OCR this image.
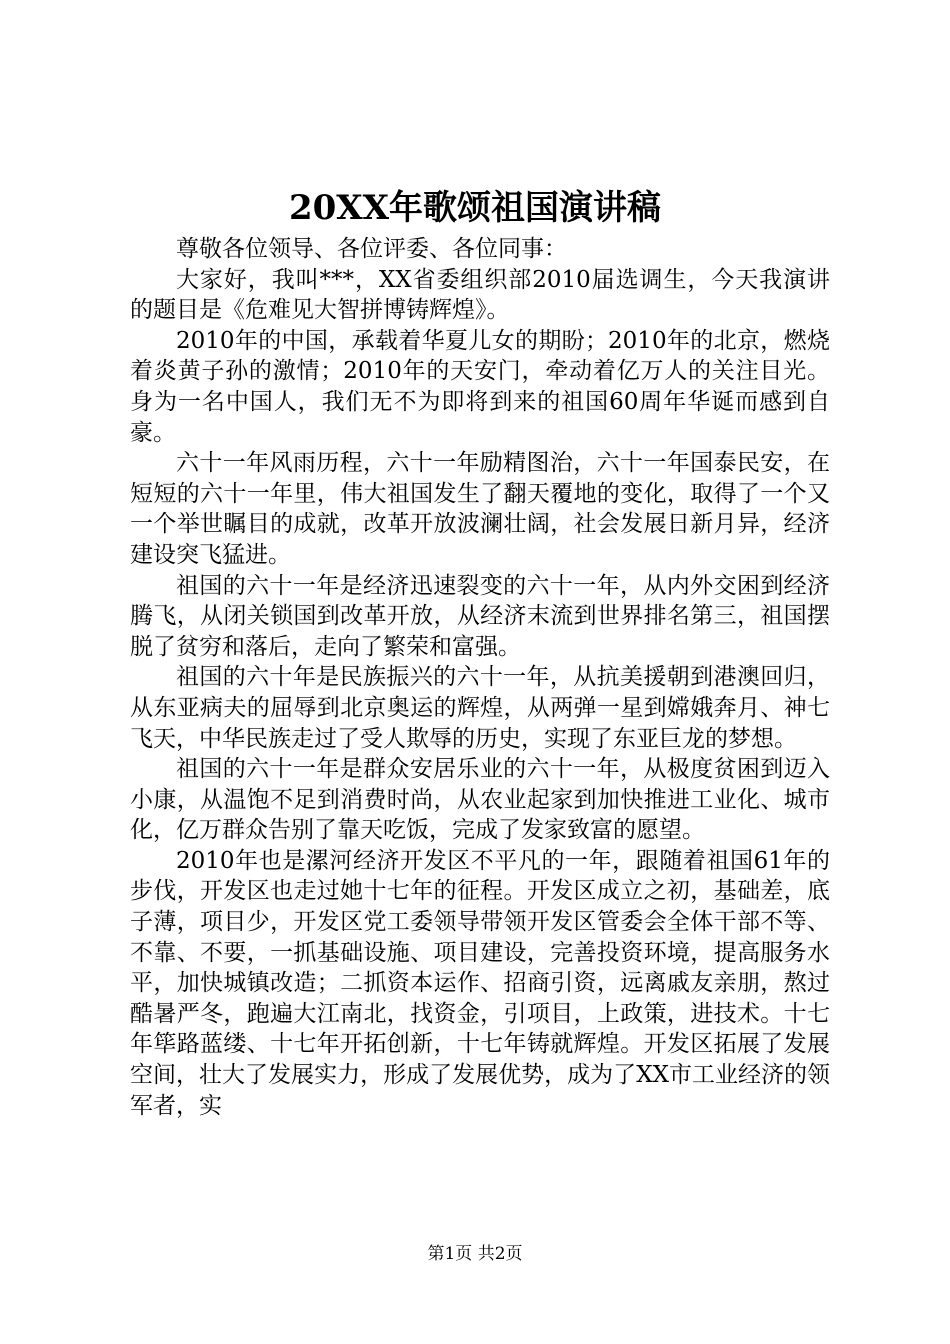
20XX年歌颂祖国演讲稿

尊敬各位领导、各位评委、各位同事：

大家好，我叫***，XX省委组织部2010届选调生，今天我演讲的题目是《危难见大智拼博铸辉煌》。

2010年的中国，承载着华夏儿女的期盼；2010年的北京，燃烧着炎黄子孙的激情；2010年的天安门，牵动着亿万人的关注目光。身为一名中国人，我们无不为即将到来的祖国60周年华诞而感到自豪。

六十一年风雨历程，六十一年励精图治，六十一年国泰民安，在短短的六十一年里，伟大祖国发生了翻天覆地的变化，取得了一个又一个举世瞩目的成就，改革开放波澜壮阔，社会发展日新月异，经济建设突飞猛进。

祖国的六十一年是经济迅速裂变的六十一年，从内外交困到经济腾飞，从闭关锁国到改革开放，从经济末流到世界排名第三，祖国摆脱了贫穷和落后，走向了繁荣和富强。

祖国的六十年是民族振兴的六十一年，从抗美援朝到港澳回归，从东亚病夫的屈辱到北京奥运的辉煌，从两弹一星到嫦娥奔月、神七飞天，中华民族走过了受人欺辱的历史，实现了东亚巨龙的梦想。

祖国的六十一年是群众安居乐业的六十一年，从极度贫困到迈入小康，从温饱不足到消费时尚，从农业起家到加快推进工业化、城市化，亿万群众告别了靠天吃饭，完成了发家致富的愿望。

2010年也是漯河经济开发区不平凡的一年，跟随着祖国61年的步伐，开发区也走过她十七年的征程。开发区成立之初，基础差，底子薄，项目少，开发区党工委领导带领开发区管委会全体干部不等、不靠、不要，一抓基础设施、项目建设，完善投资环境，提高服务水平，加快城镇改造；二抓资本运作、招商引资，远离戚友亲朋，熬过酷暑严冬，跑遍大江南北，找资金，引项目，上政策，进技术。十七年筚路蓝缕、十七年开拓创新，十七年铸就辉煌。开发区拓展了发展空间，壮大了发展实力，形成了发展优势，成为了XX市工业经济的领军者，实

第1页 共2页
